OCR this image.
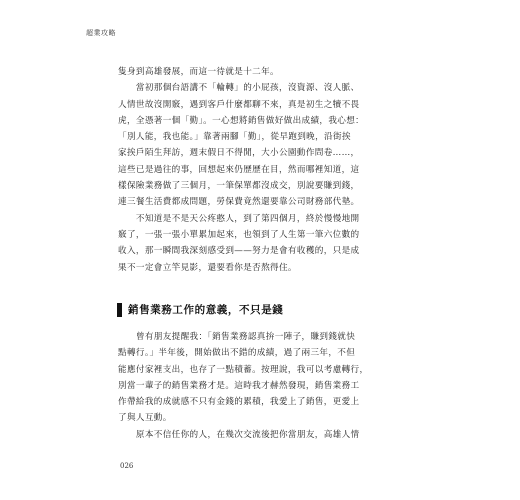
超業攻略
隻身到高雄發展，而這一待就是十二年。
　　當初那個台語講不「輪轉」的小屁孩，沒資源、沒人脈、
人情世故沒開竅，遇到客戶什麼都聊不來，真是初生之犢不畏
虎，全憑著一個「勤」。一心想將銷售做好做出成績，我心想：
「別人能，我也能。」靠著兩腳「勤」，從早跑到晚，沿街挨
家挨戶陌生拜訪，週末假日不得閒，大小公園動作問卷……，
這些已是過往的事，回想起來仍歷歷在目，然而哪裡知道，這
樣保險業務做了三個月，一筆保單都沒成交，別說要賺到錢，
連三餐生活費都成問題，勞保費竟然還要靠公司財務部代墊。
　　不知道是不是天公疼憨人，到了第四個月，終於慢慢地開
竅了，一張一張小單累加起來，也領到了人生第一筆六位數的
收入，那一瞬間我深刻感受到——努力是會有收穫的，只是成
果不一定會立竿見影，還要看你是否熬得住。
銷售業務工作的意義，不只是錢
　　曾有朋友提醒我：「銷售業務認真拚一陣子，賺到錢就快
點轉行。」半年後，開始做出不錯的成績，過了兩三年，不但
能應付家裡支出，也存了一點積蓄。按理說，我可以考慮轉行，
別當一輩子的銷售業務才是。這時我才赫然發現，銷售業務工
作帶給我的成就感不只有金錢的累積，我愛上了銷售，更愛上
了與人互動。
　　原本不信任你的人，在幾次交流後把你當朋友，高雄人情
026
